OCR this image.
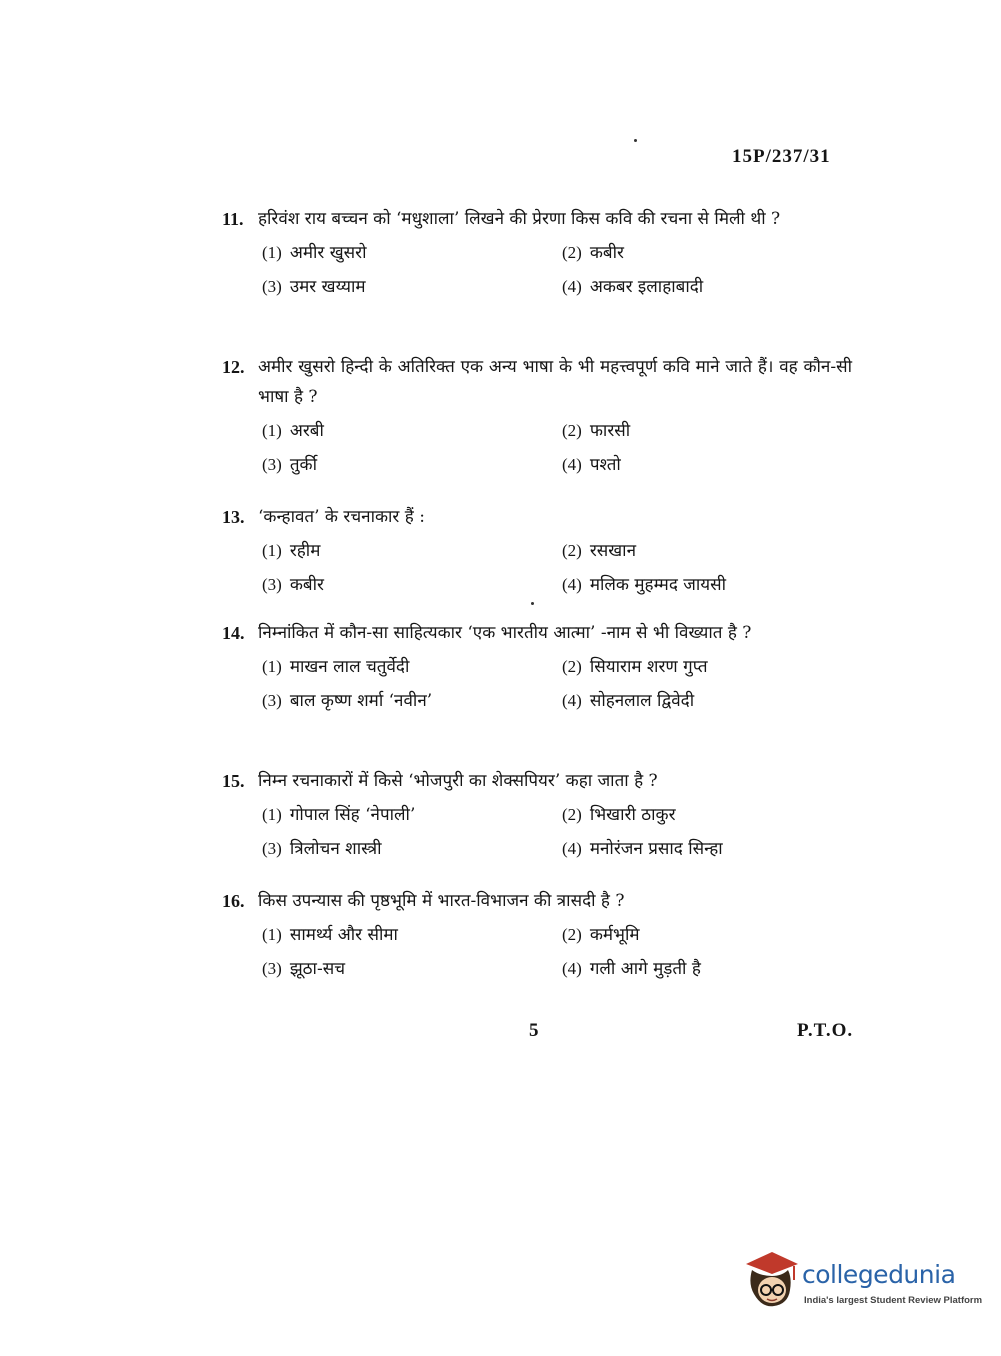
15P/237/31
11. हरिवंश राय बच्चन को ‘मधुशाला’ लिखने की प्रेरणा किस कवि की रचना से मिली थी ?
(1) अमीर खुसरो	(2) कबीर
(3) उमर खय्याम	(4) अकबर इलाहाबादी
12. अमीर खुसरो हिन्दी के अतिरिक्त एक अन्य भाषा के भी महत्त्वपूर्ण कवि माने जाते हैं। वह कौन-सी भाषा है ?
(1) अरबी	(2) फारसी
(3) तुर्की	(4) पश्तो
13. ‘कन्हावत’ के रचनाकार हैं :
(1) रहीम	(2) रसखान
(3) कबीर	(4) मलिक मुहम्मद जायसी
14. निम्नांकित में कौन-सा साहित्यकार ‘एक भारतीय आत्मा’ -नाम से भी विख्यात है ?
(1) माखन लाल चतुर्वेदी	(2) सियाराम शरण गुप्त
(3) बाल कृष्ण शर्मा ‘नवीन’	(4) सोहनलाल द्विवेदी
15. निम्न रचनाकारों में किसे ‘भोजपुरी का शेक्सपियर’ कहा जाता है ?
(1) गोपाल सिंह ‘नेपाली’	(2) भिखारी ठाकुर
(3) त्रिलोचन शास्त्री	(4) मनोरंजन प्रसाद सिन्हा
16. किस उपन्यास की पृष्ठभूमि में भारत-विभाजन की त्रासदी है ?
(1) सामर्थ्य और सीमा	(2) कर्मभूमि
(3) झूठा-सच	(4) गली आगे मुड़ती है
5	P.T.O.
collegedunia
India's largest Student Review Platform
